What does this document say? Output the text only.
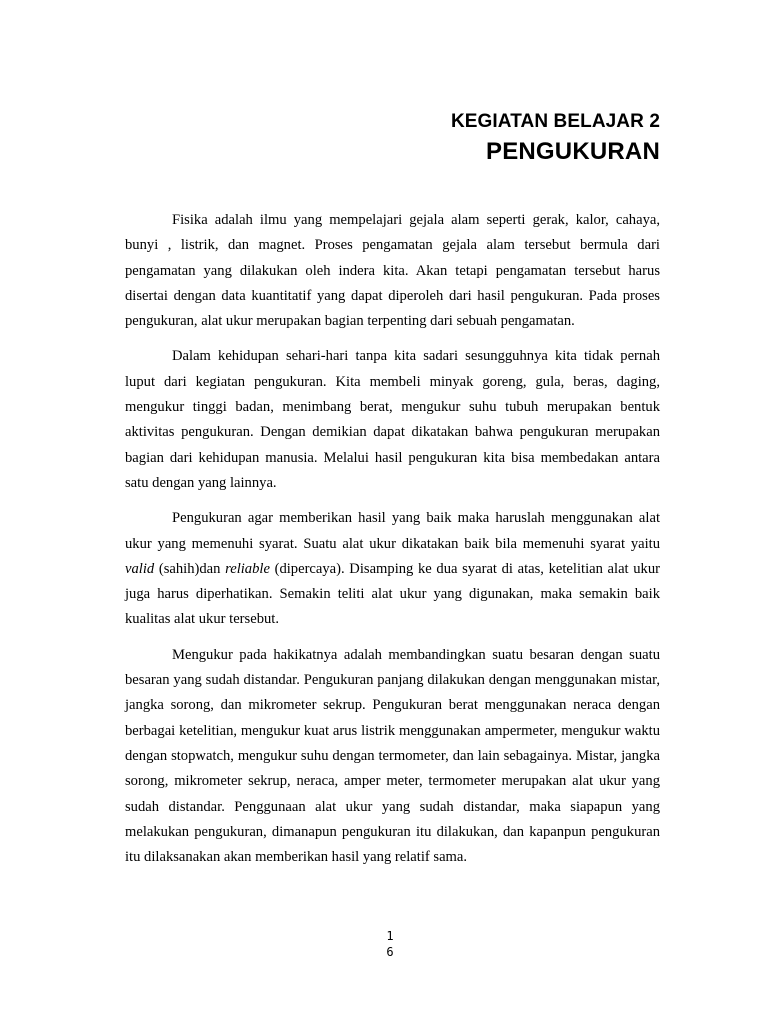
KEGIATAN BELAJAR 2
PENGUKURAN

Fisika adalah ilmu yang mempelajari gejala alam seperti gerak, kalor, cahaya, bunyi , listrik, dan magnet. Proses pengamatan gejala alam tersebut bermula dari pengamatan yang dilakukan oleh indera kita. Akan tetapi pengamatan tersebut harus disertai dengan data kuantitatif yang dapat diperoleh dari hasil pengukuran. Pada proses pengukuran, alat ukur merupakan bagian terpenting dari sebuah pengamatan.

Dalam kehidupan sehari-hari tanpa kita sadari sesungguhnya kita tidak pernah luput dari kegiatan pengukuran. Kita membeli minyak goreng, gula, beras, daging, mengukur tinggi badan, menimbang berat, mengukur suhu tubuh merupakan bentuk aktivitas pengukuran. Dengan demikian dapat dikatakan bahwa pengukuran merupakan bagian dari kehidupan manusia. Melalui hasil pengukuran kita bisa membedakan antara satu dengan yang lainnya.

Pengukuran agar memberikan hasil yang baik maka haruslah menggunakan alat ukur yang memenuhi syarat. Suatu alat ukur dikatakan baik bila memenuhi syarat yaitu valid (sahih)dan reliable (dipercaya). Disamping ke dua syarat di atas, ketelitian alat ukur juga harus diperhatikan. Semakin teliti alat ukur yang digunakan, maka semakin baik kualitas alat ukur tersebut.

Mengukur pada hakikatnya adalah membandingkan suatu besaran dengan suatu besaran yang sudah distandar. Pengukuran panjang dilakukan dengan menggunakan mistar, jangka sorong, dan mikrometer sekrup. Pengukuran berat menggunakan neraca dengan berbagai ketelitian, mengukur kuat arus listrik menggunakan ampermeter, mengukur waktu dengan stopwatch, mengukur suhu dengan termometer, dan lain sebagainya. Mistar, jangka sorong, mikrometer sekrup, neraca, amper meter, termometer merupakan alat ukur yang sudah distandar. Penggunaan alat ukur yang sudah distandar, maka siapapun yang melakukan pengukuran, dimanapun pengukuran itu dilakukan, dan kapanpun pengukuran itu dilaksanakan akan memberikan hasil yang relatif sama.

1
6
